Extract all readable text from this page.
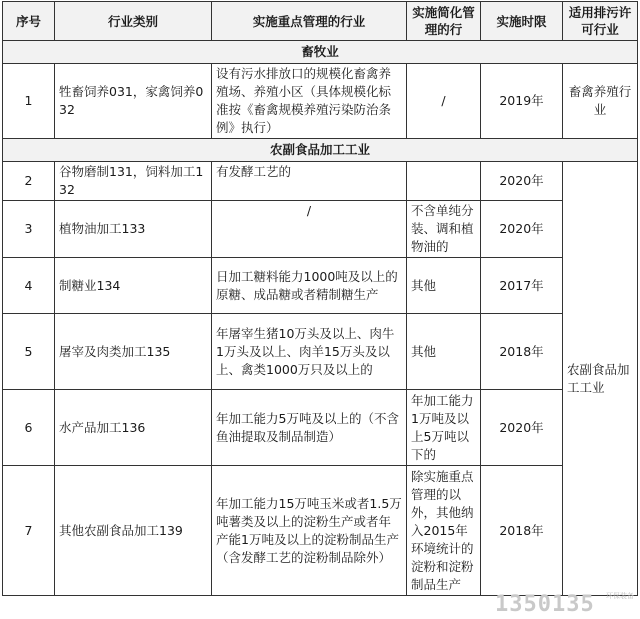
序号	行业类别	实施重点管理的行业	实施简化管理的行	实施时限	适用排污许可行业
畜牧业					
1	牲畜饲养031，家禽饲养032	设有污水排放口的规模化畜禽养殖场、养殖小区（具体规模化标准按《畜禽规模养殖污染防治条例》执行）	/	2019年	畜禽养殖行业
农副食品加工工业					
2	谷物磨制131，饲料加工132	有发酵工艺的		2020年	农副食品加工工业
3	植物油加工133	/	不含单纯分装、调和植物油的	2020年	
4	制糖业134	日加工糖料能力1000吨及以上的原糖、成品糖或者精制糖生产	其他	2017年	
5	屠宰及肉类加工135	年屠宰生猪10万头及以上、肉牛1万头及以上、肉羊15万头及以上、禽类1000万只及以上的	其他	2018年	
6	水产品加工136	年加工能力5万吨及以上的（不含鱼油提取及制品制造）	年加工能力1万吨及以上5万吨以下的	2020年	
7	其他农副食品加工139	年加工能力15万吨玉米或者1.5万吨薯类及以上的淀粉生产或者年产能1万吨及以上的淀粉制品生产（含发酵工艺的淀粉制品除外）	除实施重点管理的以外，其他纳入2015年环境统计的淀粉和淀粉制品生产	2018年	
1350135 环保装备
